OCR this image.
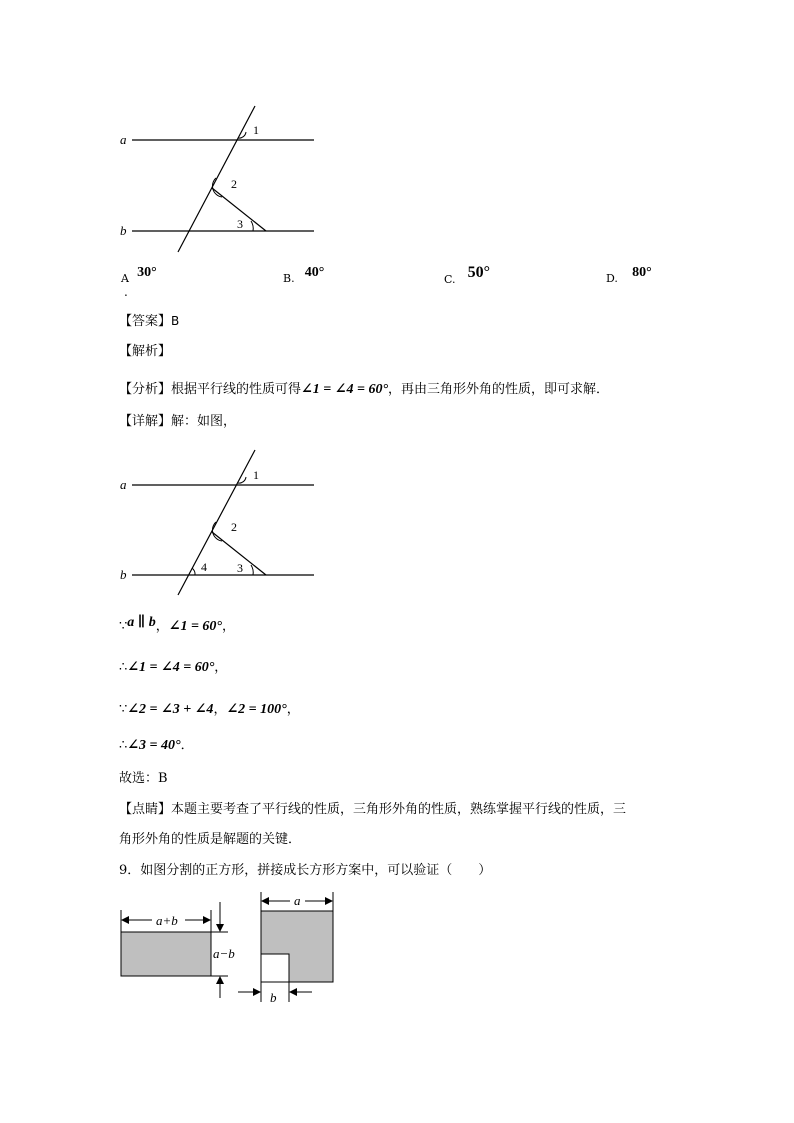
a
b
1
2
3
A 30°
.
B. 40°	C. 50°	D. 80°
【答案】B
【解析】
【分析】根据平行线的性质可得∠1 = ∠4 = 60°，再由三角形外角的性质，即可求解．
【详解】解：如图，
a
b
1
2
3
4
∵a ∥ b，∠1 = 60°，
∴∠1 = ∠4 = 60°，
∵∠2 = ∠3 + ∠4，∠2 = 100°，
∴∠3 = 40°．
故选：B
【点睛】本题主要考查了平行线的性质，三角形外角的性质，熟练掌握平行线的性质，三
角形外角的性质是解题的关键．
9．如图分割的正方形，拼接成长方形方案中，可以验证（　　）
a+b
a−b
a
b
